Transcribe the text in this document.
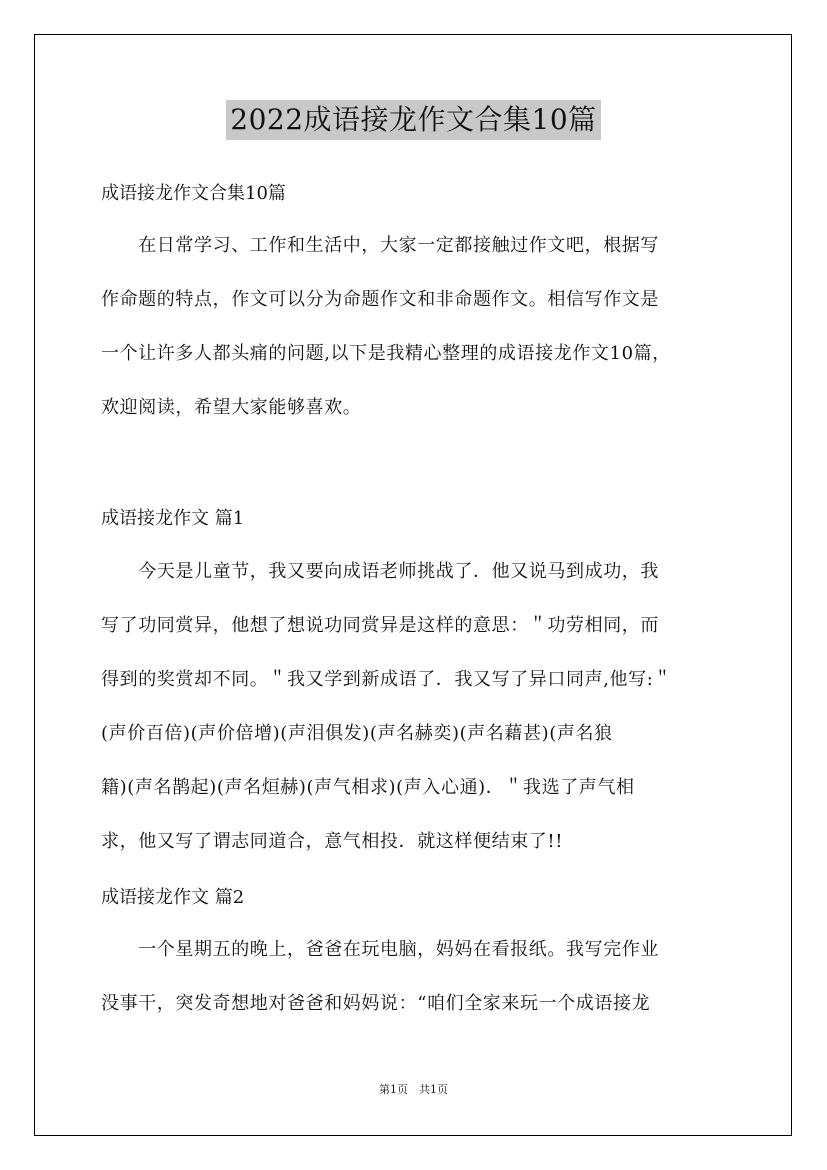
2022成语接龙作文合集10篇
成语接龙作文合集10篇
　　在日常学习、工作和生活中，大家一定都接触过作文吧，根据写
作命题的特点，作文可以分为命题作文和非命题作文。相信写作文是
一个让许多人都头痛的问题,以下是我精心整理的成语接龙作文10篇，
欢迎阅读，希望大家能够喜欢。
成语接龙作文 篇1
　　今天是儿童节，我又要向成语老师挑战了．他又说马到成功，我
写了功同赏异，他想了想说功同赏异是这样的意思：＂功劳相同，而
得到的奖赏却不同。＂我又学到新成语了．我又写了异口同声,他写:＂
(声价百倍)(声价倍增)(声泪俱发)(声名赫奕)(声名藉甚)(声名狼
籍)(声名鹊起)(声名烜赫)(声气相求)(声入心通)．＂我选了声气相
求，他又写了谓志同道合，意气相投．就这样便结束了!!
成语接龙作文 篇2
　　一个星期五的晚上，爸爸在玩电脑，妈妈在看报纸。我写完作业
没事干，突发奇想地对爸爸和妈妈说：“咱们全家来玩一个成语接龙
第1页　共1页
